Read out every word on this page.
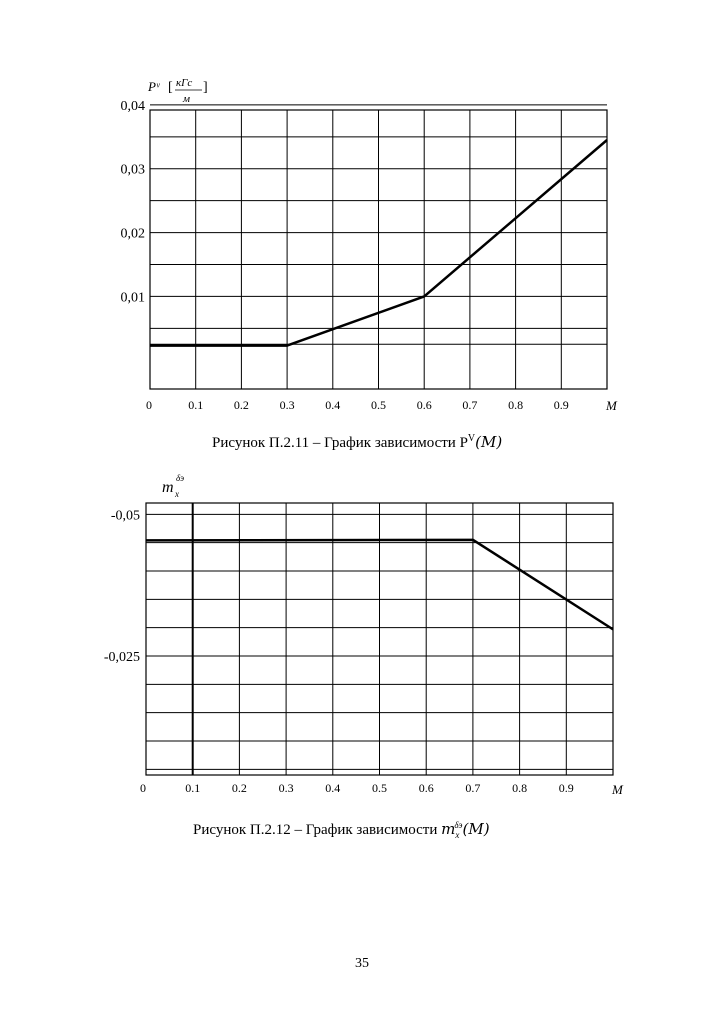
0,04
0,03
0,02
0,01
0	0.1	0.2	0.3	0.4	0.5	0.6	0.7	0.8	0.9
Pᵛ [ кГс
м
]
M
Рисунок П.2.11 – График зависимости $P^V(M)$
-0,05
-0,025
0	0.1	0.2	0.3	0.4	0.5	0.6	0.7	0.8	0.9
m x
δэ
M
Рисунок П.2.12 – График зависимости $m_x^{\delta э}(M)$
35
